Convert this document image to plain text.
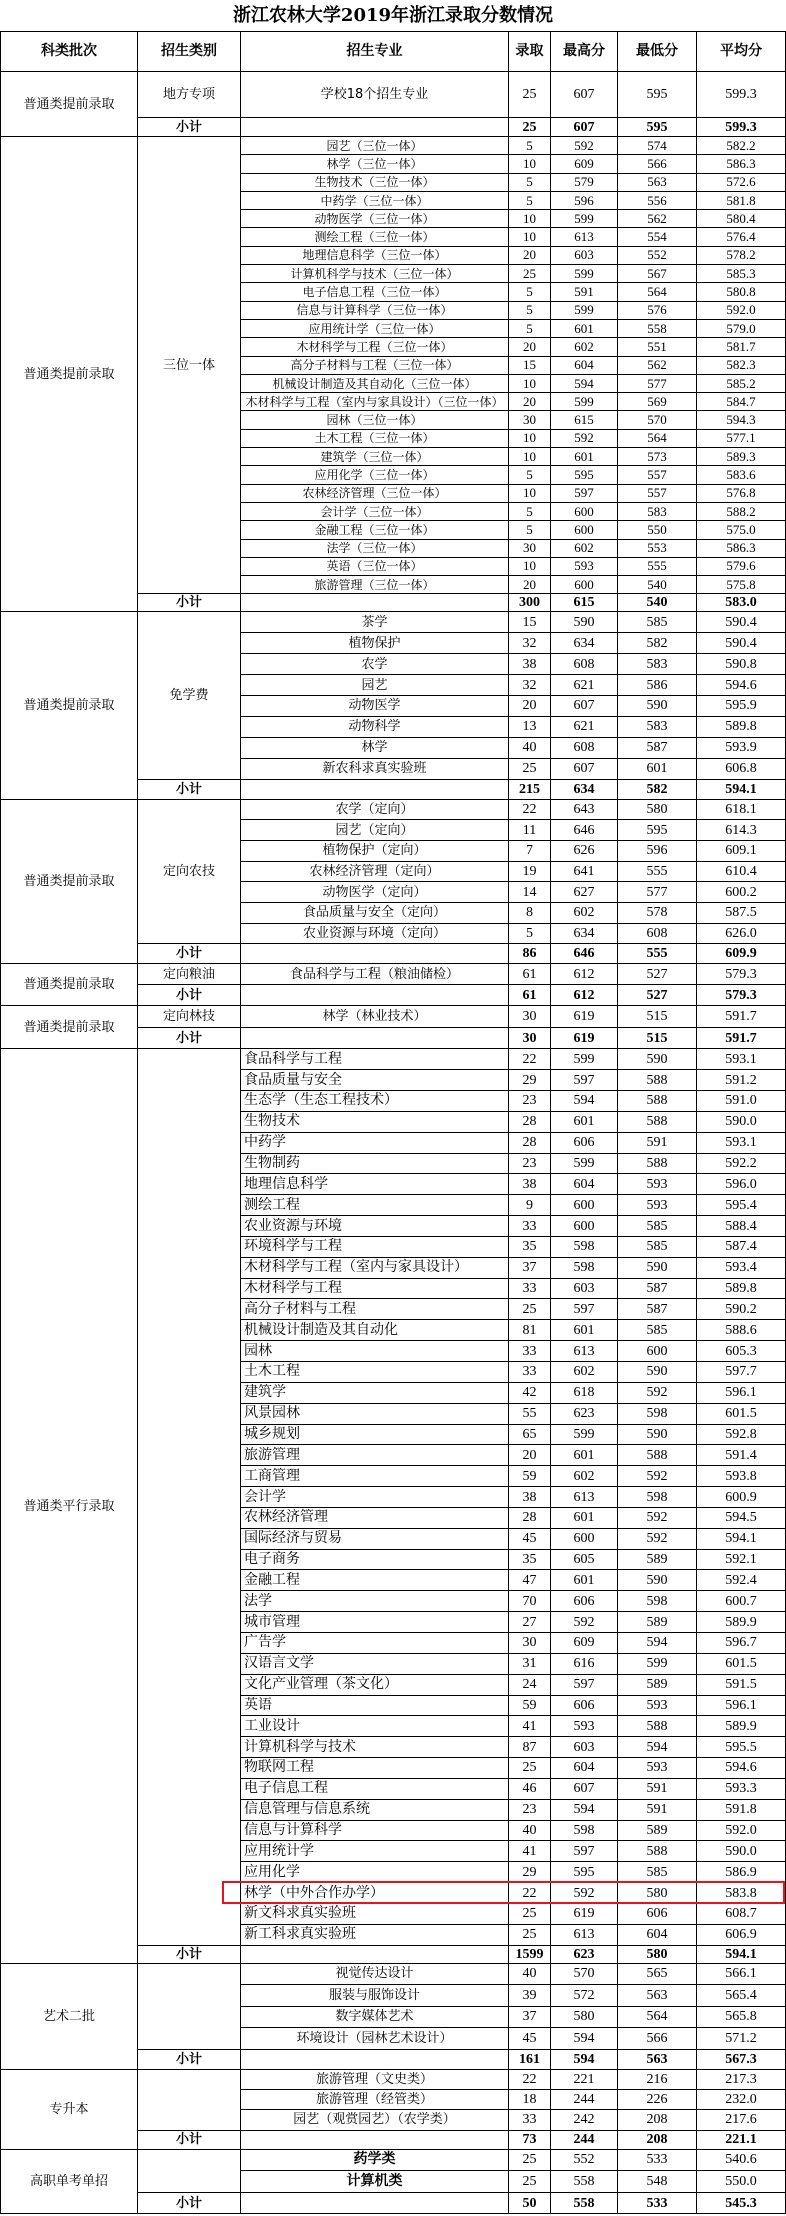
浙江农林大学2019年浙江录取分数情况
科类批次	招生类别	招生专业	录取	最高分	最低分	平均分
普通类提前录取	地方专项	学校18个招生专业	25	607	595	599.3
	小计		25	607	595	599.3
普通类提前录取	三位一体	园艺（三位一体）	5	592	574	582.2
		林学（三位一体）	10	609	566	586.3
		生物技术（三位一体）	5	579	563	572.6
		中药学（三位一体）	5	596	556	581.8
		动物医学（三位一体）	10	599	562	580.4
		测绘工程（三位一体）	10	613	554	576.4
		地理信息科学（三位一体）	20	603	552	578.2
		计算机科学与技术（三位一体）	25	599	567	585.3
		电子信息工程（三位一体）	5	591	564	580.8
		信息与计算科学（三位一体）	5	599	576	592.0
		应用统计学（三位一体）	5	601	558	579.0
		木材科学与工程（三位一体）	20	602	551	581.7
		高分子材料与工程（三位一体）	15	604	562	582.3
		机械设计制造及其自动化（三位一体）	10	594	577	585.2
		木材科学与工程（室内与家具设计）（三位一体）	20	599	569	584.7
		园林（三位一体）	30	615	570	594.3
		土木工程（三位一体）	10	592	564	577.1
		建筑学（三位一体）	10	601	573	589.3
		应用化学（三位一体）	5	595	557	583.6
		农林经济管理（三位一体）	10	597	557	576.8
		会计学（三位一体）	5	600	583	588.2
		金融工程（三位一体）	5	600	550	575.0
		法学（三位一体）	30	602	553	586.3
		英语（三位一体）	10	593	555	579.6
		旅游管理（三位一体）	20	600	540	575.8
	小计		300	615	540	583.0
普通类提前录取	免学费	茶学	15	590	585	590.4
		植物保护	32	634	582	590.4
		农学	38	608	583	590.8
		园艺	32	621	586	594.6
		动物医学	20	607	590	595.9
		动物科学	13	621	583	589.8
		林学	40	608	587	593.9
		新农科求真实验班	25	607	601	606.8
	小计		215	634	582	594.1
普通类提前录取	定向农技	农学（定向）	22	643	580	618.1
		园艺（定向）	11	646	595	614.3
		植物保护（定向）	7	626	596	609.1
		农林经济管理（定向）	19	641	555	610.4
		动物医学（定向）	14	627	577	600.2
		食品质量与安全（定向）	8	602	578	587.5
		农业资源与环境（定向）	5	634	608	626.0
	小计		86	646	555	609.9
普通类提前录取	定向粮油	食品科学与工程（粮油储检）	61	612	527	579.3
	小计		61	612	527	579.3
普通类提前录取	定向林技	林学（林业技术）	30	619	515	591.7
	小计		30	619	515	591.7
普通类平行录取		食品科学与工程	22	599	590	593.1
		食品质量与安全	29	597	588	591.2
		生态学（生态工程技术）	23	594	588	591.0
		生物技术	28	601	588	590.0
		中药学	28	606	591	593.1
		生物制药	23	599	588	592.2
		地理信息科学	38	604	593	596.0
		测绘工程	9	600	593	595.4
		农业资源与环境	33	600	585	588.4
		环境科学与工程	35	598	585	587.4
		木材科学与工程（室内与家具设计）	37	598	590	593.4
		木材科学与工程	33	603	587	589.8
		高分子材料与工程	25	597	587	590.2
		机械设计制造及其自动化	81	601	585	588.6
		园林	33	613	600	605.3
		土木工程	33	602	590	597.7
		建筑学	42	618	592	596.1
		风景园林	55	623	598	601.5
		城乡规划	65	599	590	592.8
		旅游管理	20	601	588	591.4
		工商管理	59	602	592	593.8
		会计学	38	613	598	600.9
		农林经济管理	28	601	592	594.5
		国际经济与贸易	45	600	592	594.1
		电子商务	35	605	589	592.1
		金融工程	47	601	590	592.4
		法学	70	606	598	600.7
		城市管理	27	592	589	589.9
		广告学	30	609	594	596.7
		汉语言文学	31	616	599	601.5
		文化产业管理（茶文化）	24	597	589	591.5
		英语	59	606	593	596.1
		工业设计	41	593	588	589.9
		计算机科学与技术	87	603	594	595.5
		物联网工程	25	604	593	594.6
		电子信息工程	46	607	591	593.3
		信息管理与信息系统	23	594	591	591.8
		信息与计算科学	40	598	589	592.0
		应用统计学	41	597	588	590.0
		应用化学	29	595	585	586.9
		林学（中外合作办学）	22	592	580	583.8
		新文科求真实验班	25	619	606	608.7
		新工科求真实验班	25	613	604	606.9
	小计		1599	623	580	594.1
艺术二批		视觉传达设计	40	570	565	566.1
		服装与服饰设计	39	572	563	565.4
		数字媒体艺术	37	580	564	565.8
		环境设计（园林艺术设计）	45	594	566	571.2
	小计		161	594	563	567.3
专升本		旅游管理（文史类）	22	221	216	217.3
		旅游管理（经管类）	18	244	226	232.0
		园艺（观赏园艺）（农学类）	33	242	208	217.6
	小计		73	244	208	221.1
高职单考单招		药学类	25	552	533	540.6
		计算机类	25	558	548	550.0
	小计		50	558	533	545.3
